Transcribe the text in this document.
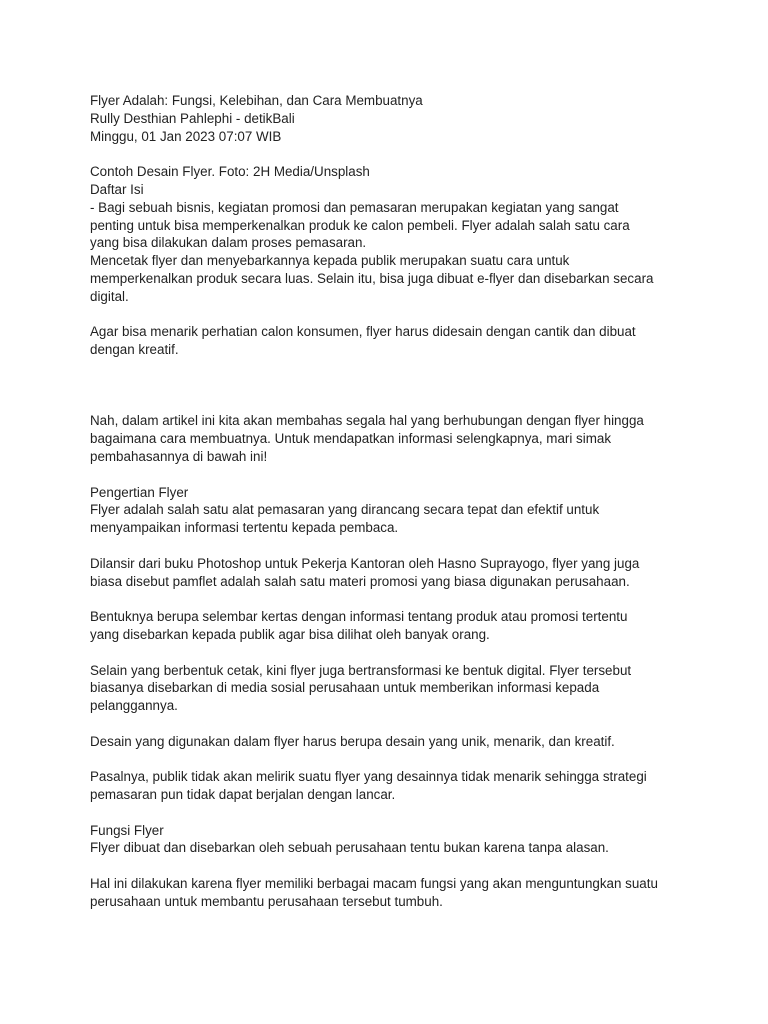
Flyer Adalah: Fungsi, Kelebihan, dan Cara Membuatnya
Rully Desthian Pahlephi - detikBali
Minggu, 01 Jan 2023 07:07 WIB
Contoh Desain Flyer. Foto: 2H Media/Unsplash
Daftar Isi
- Bagi sebuah bisnis, kegiatan promosi dan pemasaran merupakan kegiatan yang sangat
penting untuk bisa memperkenalkan produk ke calon pembeli. Flyer adalah salah satu cara
yang bisa dilakukan dalam proses pemasaran.
Mencetak flyer dan menyebarkannya kepada publik merupakan suatu cara untuk
memperkenalkan produk secara luas. Selain itu, bisa juga dibuat e-flyer dan disebarkan secara
digital.
Agar bisa menarik perhatian calon konsumen, flyer harus didesain dengan cantik dan dibuat
dengan kreatif.
Nah, dalam artikel ini kita akan membahas segala hal yang berhubungan dengan flyer hingga
bagaimana cara membuatnya. Untuk mendapatkan informasi selengkapnya, mari simak
pembahasannya di bawah ini!
Pengertian Flyer
Flyer adalah salah satu alat pemasaran yang dirancang secara tepat dan efektif untuk
menyampaikan informasi tertentu kepada pembaca.
Dilansir dari buku Photoshop untuk Pekerja Kantoran oleh Hasno Suprayogo, flyer yang juga
biasa disebut pamflet adalah salah satu materi promosi yang biasa digunakan perusahaan.
Bentuknya berupa selembar kertas dengan informasi tentang produk atau promosi tertentu
yang disebarkan kepada publik agar bisa dilihat oleh banyak orang.
Selain yang berbentuk cetak, kini flyer juga bertransformasi ke bentuk digital. Flyer tersebut
biasanya disebarkan di media sosial perusahaan untuk memberikan informasi kepada
pelanggannya.
Desain yang digunakan dalam flyer harus berupa desain yang unik, menarik, dan kreatif.
Pasalnya, publik tidak akan melirik suatu flyer yang desainnya tidak menarik sehingga strategi
pemasaran pun tidak dapat berjalan dengan lancar.
Fungsi Flyer
Flyer dibuat dan disebarkan oleh sebuah perusahaan tentu bukan karena tanpa alasan.
Hal ini dilakukan karena flyer memiliki berbagai macam fungsi yang akan menguntungkan suatu
perusahaan untuk membantu perusahaan tersebut tumbuh.
